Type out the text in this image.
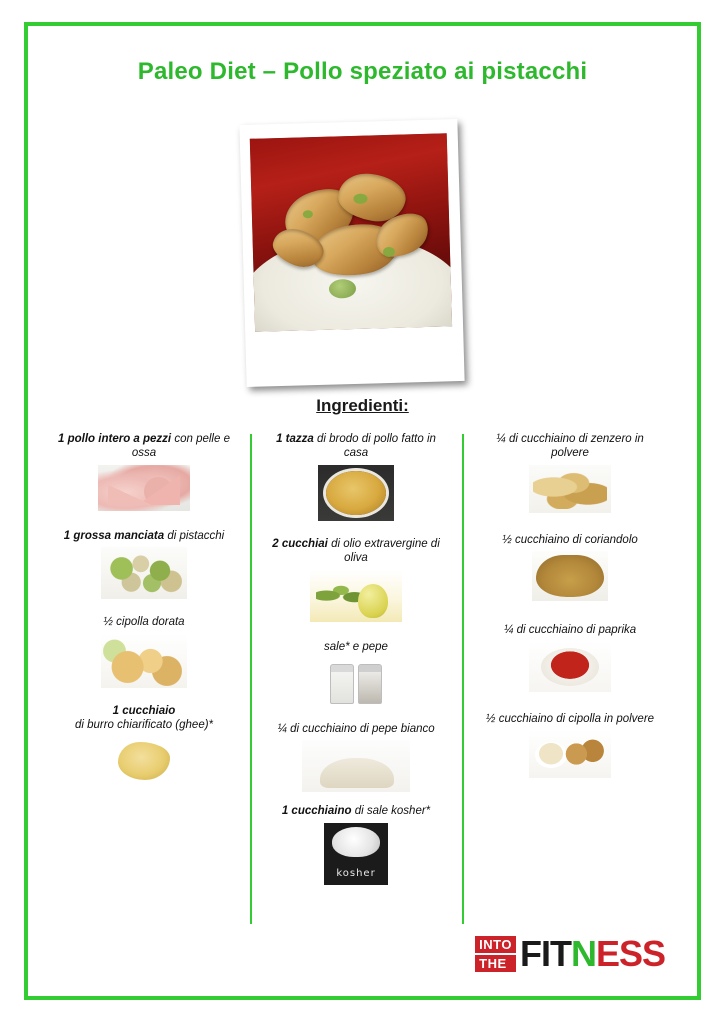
Paleo Diet – Pollo speziato ai pistacchi
Ingredienti:
1 pollo intero a pezzi con pelle e ossa
1 grossa manciata di pistacchi
½ cipolla dorata
1 cucchiaio
di burro chiarificato (ghee)*
1 tazza di brodo di pollo fatto in casa
2 cucchiai di olio extravergine di oliva
sale* e pepe
¼ di cucchiaino di pepe bianco
1 cucchiaino di sale kosher*
kosher
¼ di cucchiaino di zenzero in polvere
½ cucchiaino di coriandolo
¼ di cucchiaino di paprika
½ cucchiaino di cipolla in polvere
INTO
THE FITNESS
